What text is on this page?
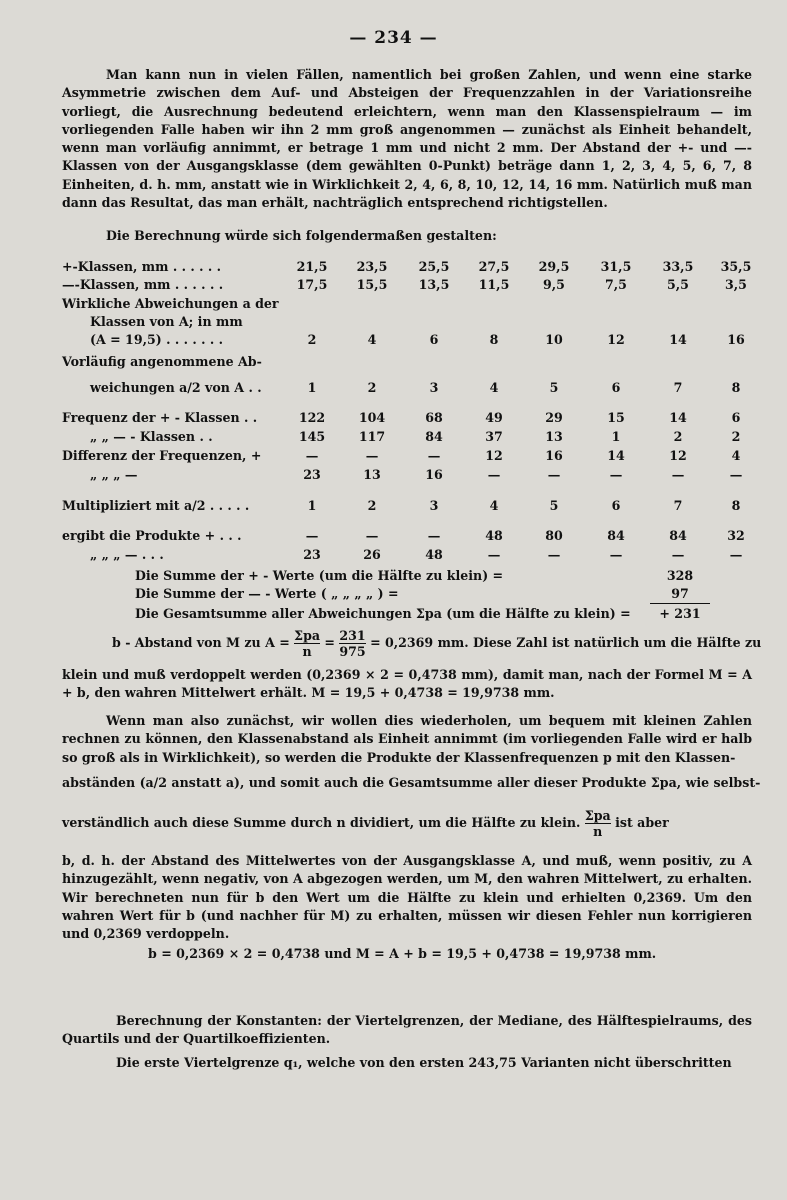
— 234 —
Man kann nun in vielen Fällen, namentlich bei großen Zahlen, und wenn eine starke Asymmetrie zwischen dem Auf- und Absteigen der Frequenzzahlen in der Variationsreihe vorliegt, die Ausrechnung bedeutend erleichtern, wenn man den Klassenspielraum — im vorliegenden Falle haben wir ihn 2 mm groß angenommen — zunächst als Einheit behandelt, wenn man vorläufig annimmt, er betrage 1 mm und nicht 2 mm. Der Abstand der +- und —-Klassen von der Ausgangsklasse (dem gewählten 0-Punkt) beträge dann 1, 2, 3, 4, 5, 6, 7, 8 Einheiten, d. h. mm, anstatt wie in Wirklichkeit 2, 4, 6, 8, 10, 12, 14, 16 mm. Natürlich muß man dann das Resultat, das man erhält, nachträglich entsprechend richtigstellen.
Die Berechnung würde sich folgendermaßen gestalten:
+-Klassen, mm . . . . . .	21,5	23,5	25,5	27,5	29,5	31,5	33,5	35,5
—-Klassen, mm . . . . . .	17,5	15,5	13,5	11,5	9,5	7,5	5,5	3,5
Wirkliche Abweichungen a der
Klassen von A; in mm
(A = 19,5) . . . . . . .	2	4	6	8	10	12	14	16
Vorläufig angenommene Ab-
weichungen a/2 von A . .	1	2	3	4	5	6	7	8
Frequenz der + - Klassen . .	122	104	68	49	29	15	14	6
„ „ — - Klassen . .	145	117	84	37	13	1	2	2
Differenz der Frequenzen, +	—	—	—	12	16	14	12	4
„ „ „ —	23	13	16	—	—	—	—	—
Multipliziert mit a/2 . . . . .	1	2	3	4	5	6	7	8
ergibt die Produkte + . . .	—	—	—	48	80	84	84	32
„ „ „ — . . .	23	26	48	—	—	—	—	—
Die Summe der + - Werte (um die Hälfte zu klein) =	328
Die Summe der — - Werte ( „ „ „ „ ) =	97
Die Gesamtsumme aller Abweichungen Σpa (um die Hälfte zu klein) =	+ 231
b - Abstand von M zu $A = \frac{\text{Σpa}}{n} = \frac{231}{975} = 0,2369$ mm. Diese Zahl ist natürlich um die Hälfte zu
klein und muß verdoppelt werden (0,2369 × 2 = 0,4738 mm), damit man, nach der Formel M = A + b, den wahren Mittelwert erhält. M = 19,5 + 0,4738 = 19,9738 mm.
Wenn man also zunächst, wir wollen dies wiederholen, um bequem mit kleinen Zahlen rechnen zu können, den Klassenabstand als Einheit annimmt (im vorliegenden Falle wird er halb so groß als in Wirklichkeit), so werden die Produkte der Klassenfrequenzen p mit den Klassen-
abständen (a/2 anstatt a), und somit auch die Gesamtsumme aller dieser Produkte Σpa, wie selbst-
verständlich auch diese Summe durch n dividiert, um die Hälfte zu klein. $\frac{\text{Σpa}}{n}$ ist aber
b, d. h. der Abstand des Mittelwertes von der Ausgangsklasse A, und muß, wenn positiv, zu A hinzugezählt, wenn negativ, von A abgezogen werden, um M, den wahren Mittelwert, zu erhalten. Wir berechneten nun für b den Wert um die Hälfte zu klein und erhielten 0,2369. Um den wahren Wert für b (und nachher für M) zu erhalten, müssen wir diesen Fehler nun korrigieren und 0,2369 verdoppeln.
b = 0,2369 × 2 = 0,4738 und M = A + b = 19,5 + 0,4738 = 19,9738 mm.
Berechnung der Konstanten: der Viertelgrenzen, der Mediane, des Hälftespielraums, des Quartils und der Quartilkoeffizienten.
Die erste Viertelgrenze q₁, welche von den ersten 243,75 Varianten nicht überschritten
